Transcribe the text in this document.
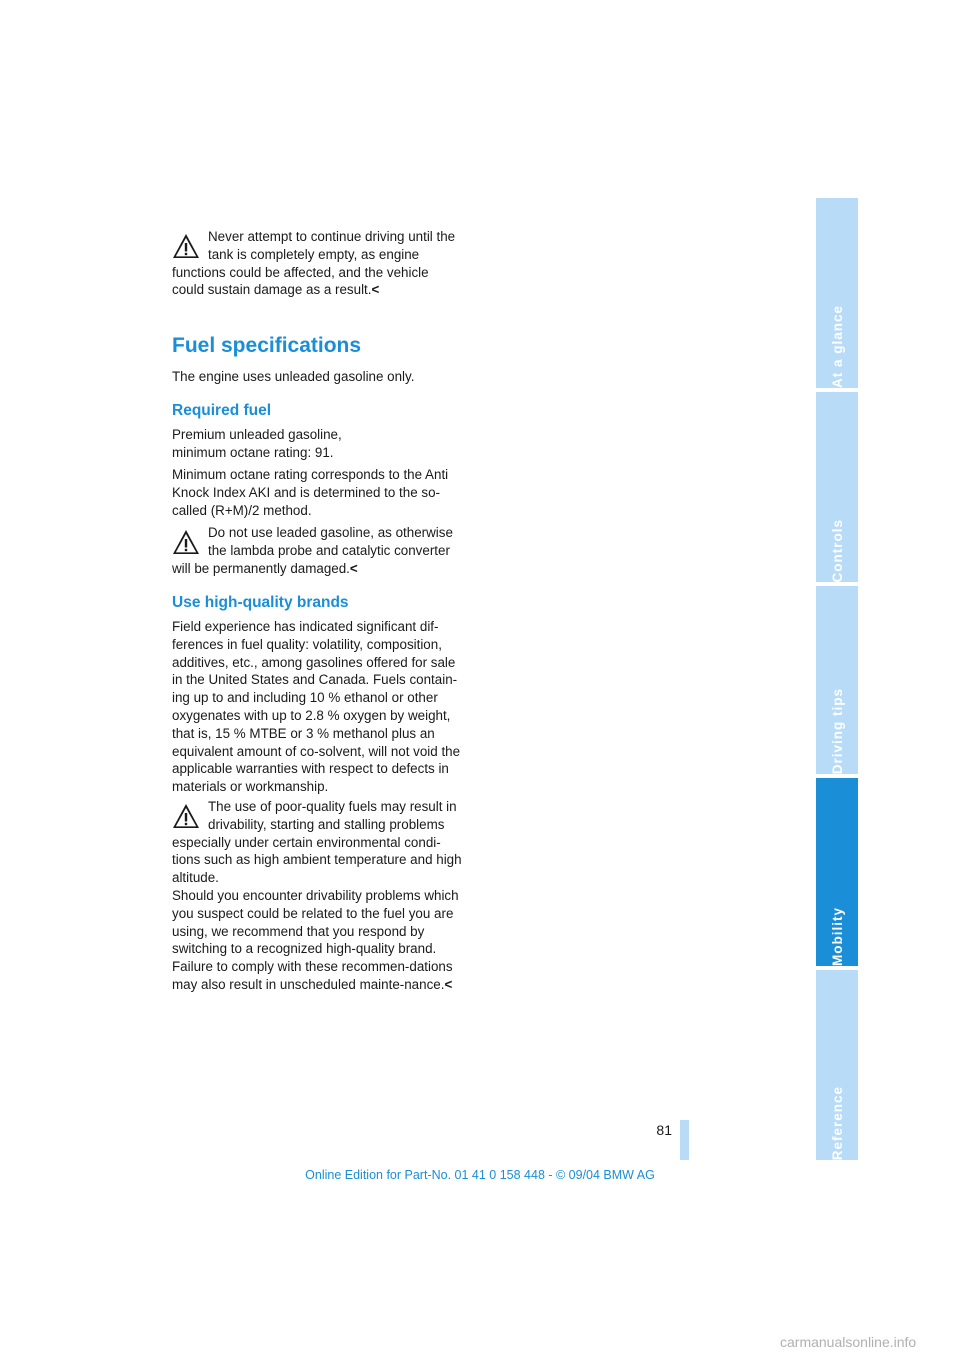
Never attempt to continue driving until the tank is completely empty, as engine
functions could be affected, and the vehicle could sustain damage as a result.<

Fuel specifications

The engine uses unleaded gasoline only.

Required fuel

Premium unleaded gasoline,
minimum octane rating: 91.

Minimum octane rating corresponds to the Anti Knock Index AKI and is determined to the so-called (R+M)/2 method.

Do not use leaded gasoline, as otherwise the lambda probe and catalytic converter
will be permanently damaged.<

Use high-quality brands

Field experience has indicated significant dif-ferences in fuel quality: volatility, composition, additives, etc., among gasolines offered for sale in the United States and Canada. Fuels contain-ing up to and including 10 % ethanol or other oxygenates with up to 2.8 % oxygen by weight, that is, 15 % MTBE or 3 % methanol plus an equivalent amount of co-solvent, will not void the applicable warranties with respect to defects in materials or workmanship.

The use of poor-quality fuels may result in drivability, starting and stalling problems
especially under certain environmental condi-tions such as high ambient temperature and high altitude.

Should you encounter drivability problems which you suspect could be related to the fuel you are using, we recommend that you respond by switching to a recognized high-quality brand. Failure to comply with these recommen-dations may also result in unscheduled mainte-nance.<

At a glance
Controls
Driving tips
Mobility
Reference
81
Online Edition for Part-No. 01 41 0 158 448 - © 09/04 BMW AG
carmanualsonline.info
